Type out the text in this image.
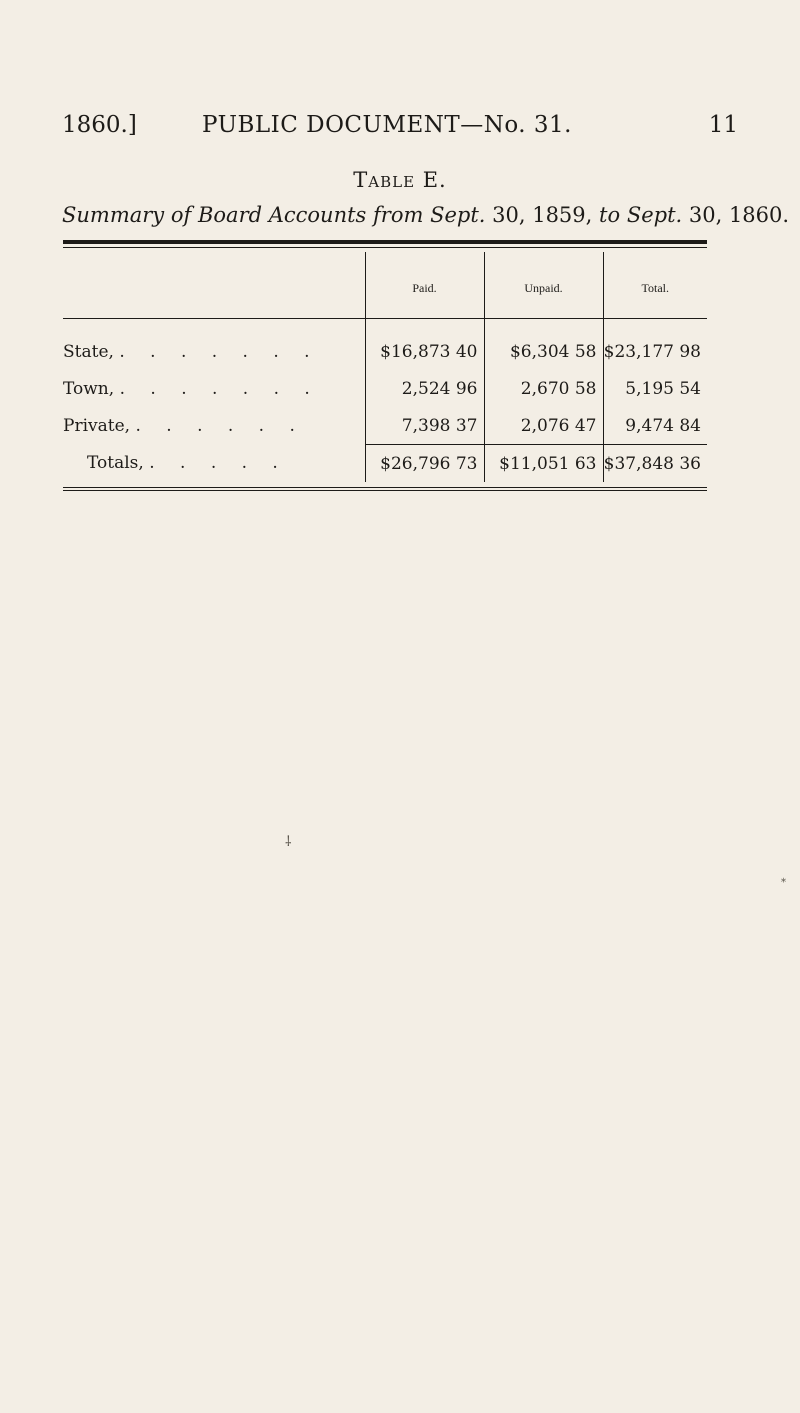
1860.]	PUBLIC DOCUMENT—No. 31.	11
Table E.
Summary of Board Accounts from Sept. 30, 1859, to Sept. 30, 1860.
	Paid.	Unpaid.	Total.
State, . . . . . . .	$16,873 40	$6,304 58	$23,177 98
Town, . . . . . . .	2,524 96	2,670 58	5,195 54
Private, . . . . . .	7,398 37	2,076 47	9,474 84
Totals, . . . . .	$26,796 73	$11,051 63	$37,848 36
⸸
⁎
